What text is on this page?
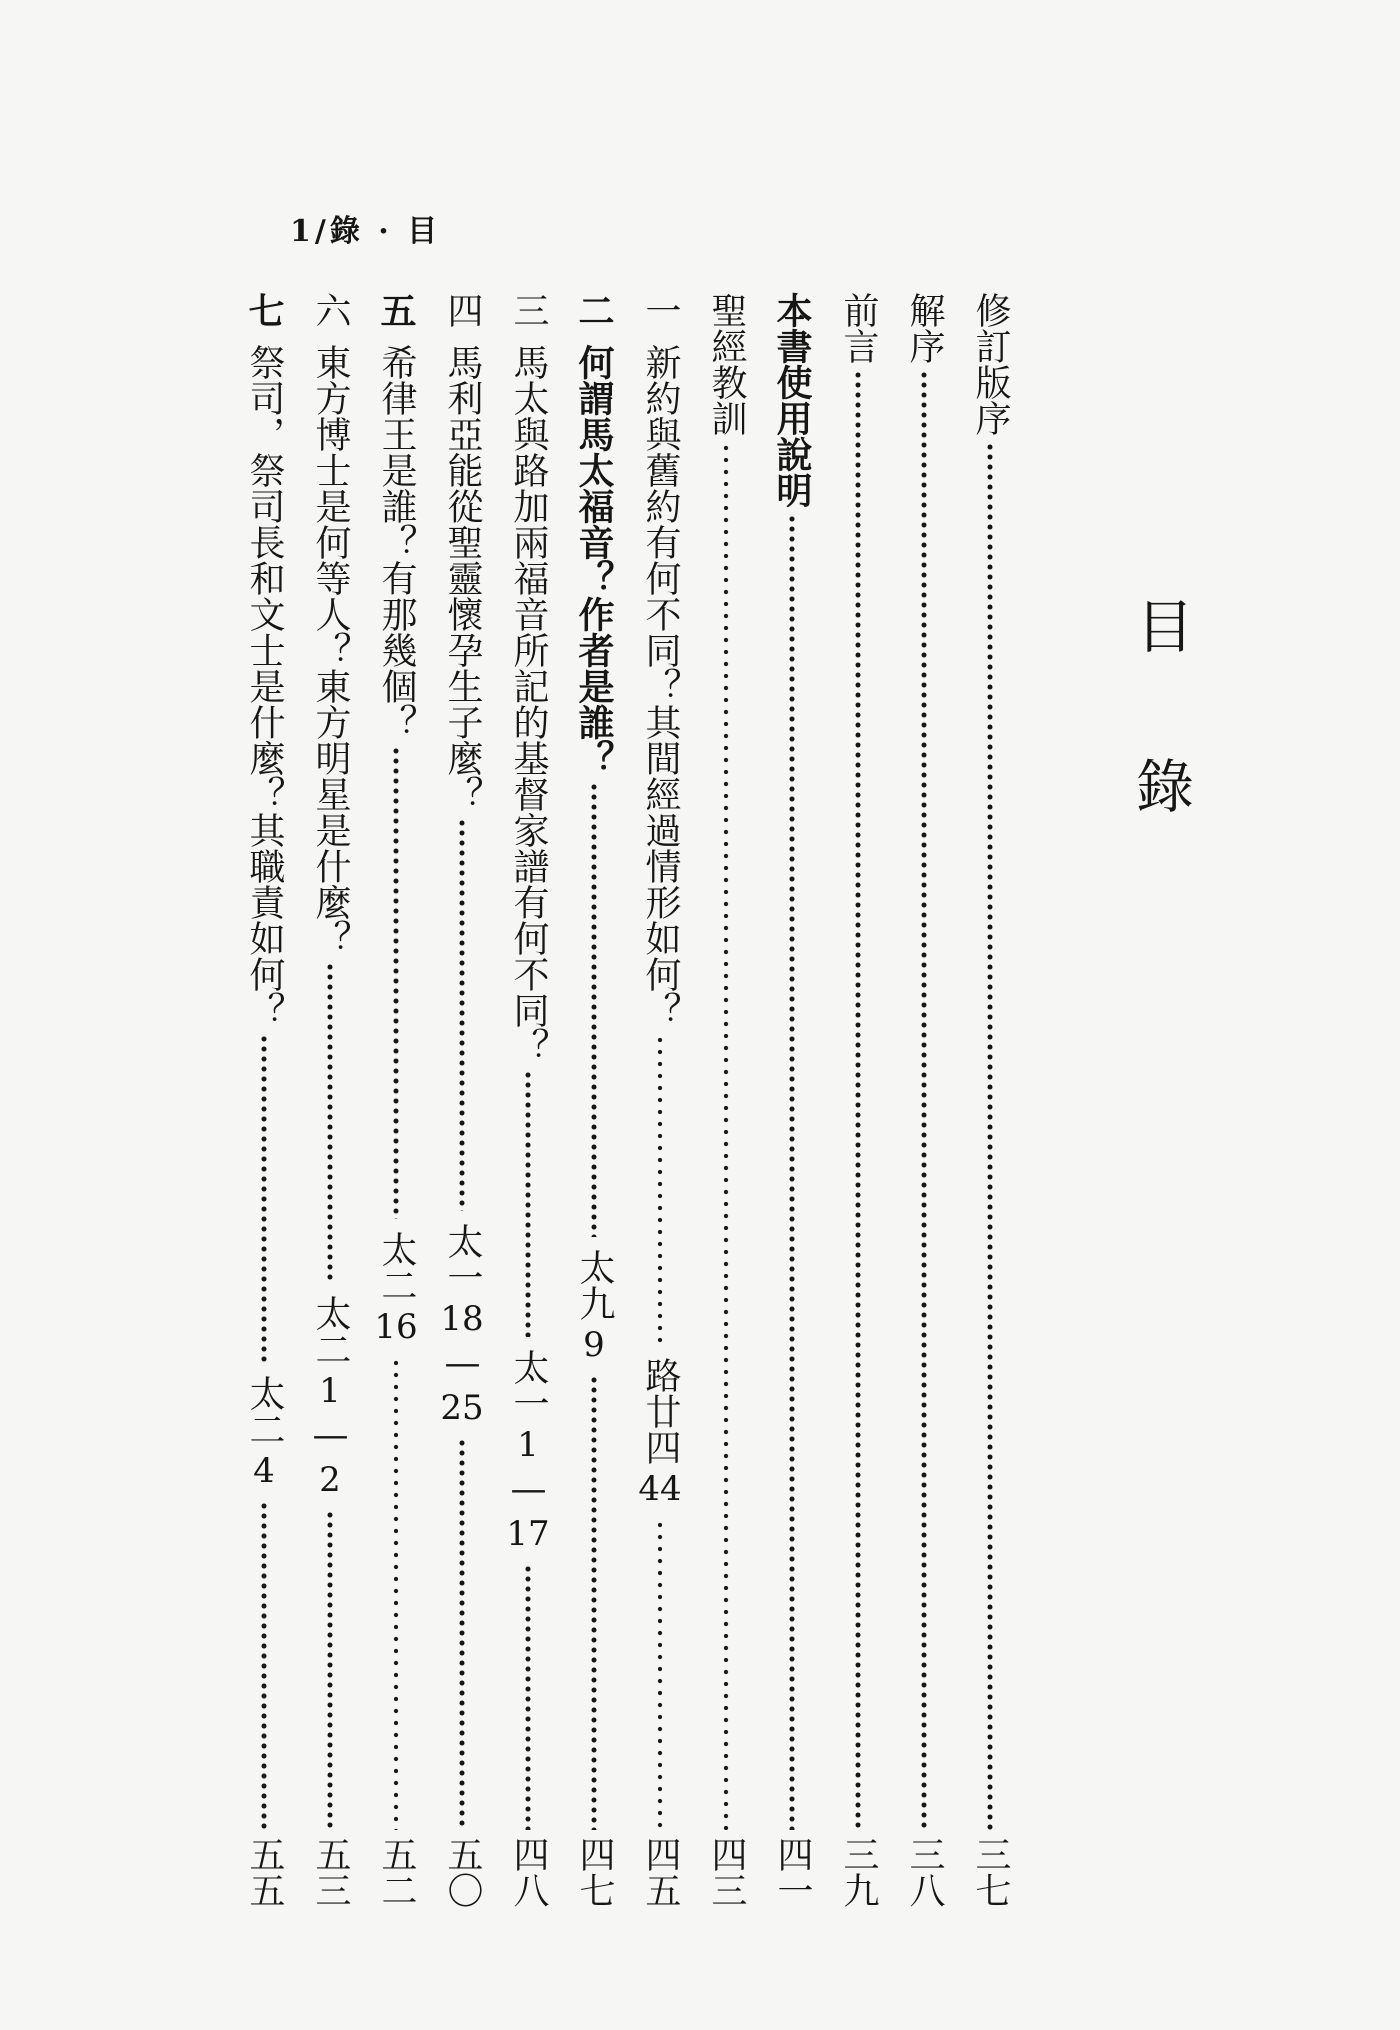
1/錄 · 目
目
錄
修訂版序
三七
解序
三八
前言
三九
本書使用說明
四一
聖經教訓
四三
一
新約與舊約有何不同？其間經過情形如何？
路廿四
44
四五
二
何謂馬太福音？作者是誰？
太九
9
四七
三
馬太與路加兩福音所記的基督家譜有何不同？
太一
1
—
17
四八
四
馬利亞能從聖靈懷孕生子麼？
太一
18
—
25
五〇
五
希律王是誰？有那幾個？
太二
16
五二
六
東方博士是何等人？東方明星是什麼？
太二
1
—
2
五三
七
祭司，祭司長和文士是什麼？其職責如何？
太二
4
五五
